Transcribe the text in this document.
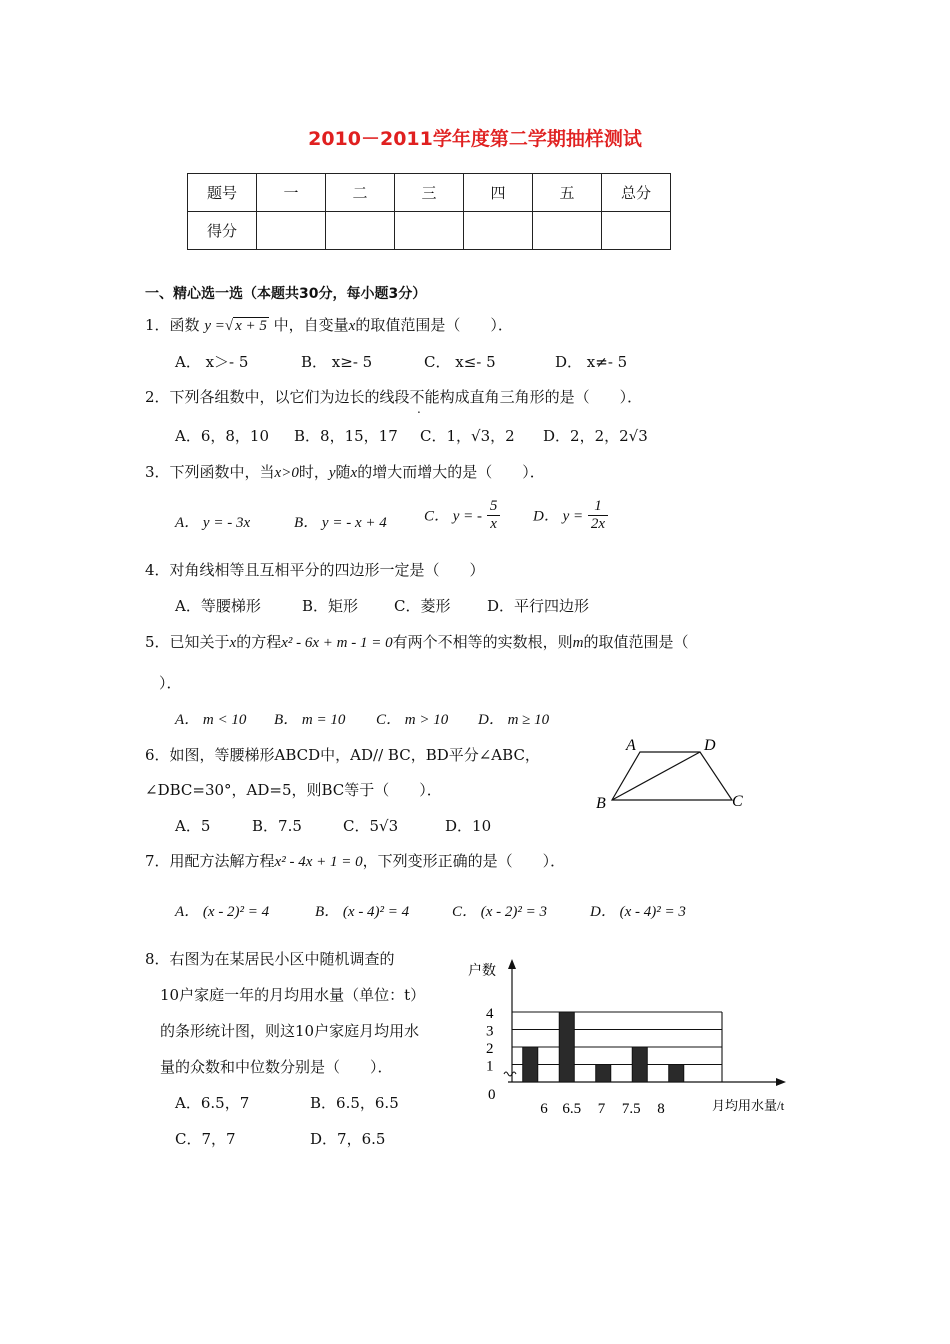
2010－2011学年度第二学期抽样测试
题号	一	二	三	四	五	总分
得分						
一、精心选一选（本题共30分，每小题3分）
1．函数 y =√ x + 5 中，自变量x的取值范围是（　　）．
A． x＞- 5	B． x≥- 5	C． x≤- 5	D． x≠- 5
2．下列各组数中，以它们为边长的线段不能构成直角三角形的是（　　）．
A．6，8，10 B．8，15，17 C．1，√3，2 D．2，2，2√3
3．下列函数中，当x>0时，y随x的增大而增大的是（　　）．
A． y = - 3x	B． y = - x + 4 C． y = - $\frac{5}{x}$ D． $y = \frac{1}{2x}$
4．对角线相等且互相平分的四边形一定是（　　）
A．等腰梯形	B．矩形 C．菱形 D．平行四边形
5．已知关于x的方程x² - 6x + m - 1 = 0有两个不相等的实数根，则m的取值范围是（
）．
A． m < 10 B． m = 10 C． m > 10 D． m ≥ 10
6．如图，等腰梯形ABCD中，AD// BC，BD平分∠ABC，
∠DBC=30°，AD=5，则BC等于（　　）．
A．5	B．7.5	C．5√3	D．10
A	D
B	C
7．用配方法解方程x² - 4x + 1 = 0，下列变形正确的是（　　）．
A． (x - 2)² = 4	B． (x - 4)² = 4	C． (x - 2)² = 3	D． (x - 4)² = 3
8．右图为在某居民小区中随机调查的
10户家庭一年的月均用水量（单位：t）
的条形统计图，则这10户家庭月均用水
量的众数和中位数分别是（　　）．
A．6.5，7	B．6.5，6.5
C．7，7	D．7，6.5
户数
0
月均用水量/t
1
2
3
4
6 6.5 7 7.5 8
